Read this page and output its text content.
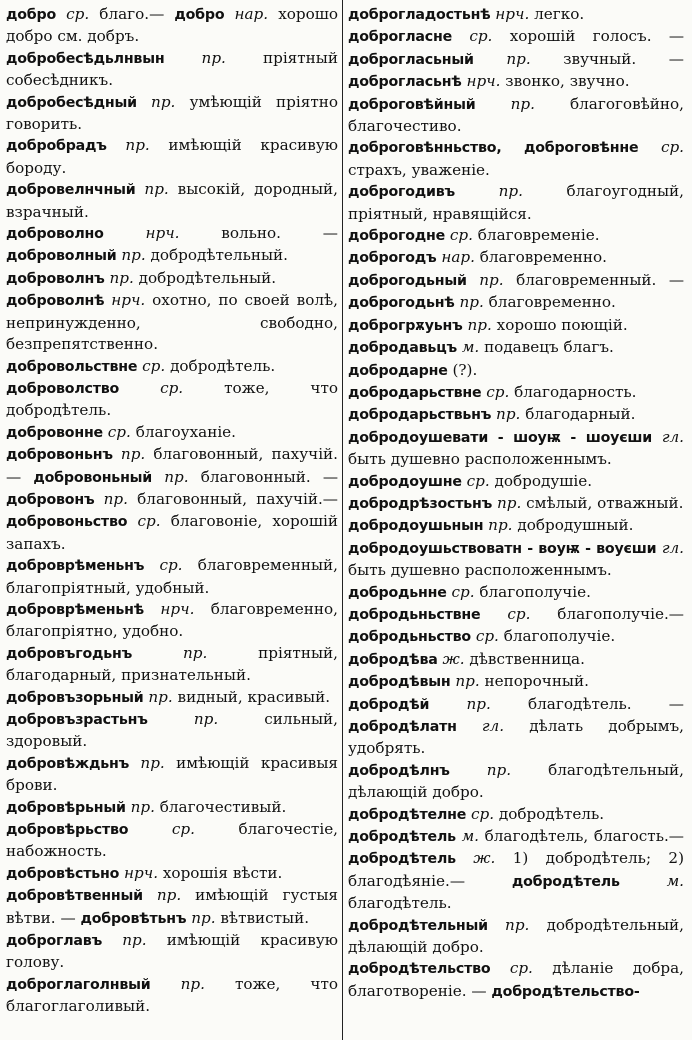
добро ср. благо.— добро нар. хорошо добро см. добръ.

добробесѣдьлнвын пр. пріятный собесѣдникъ.

добробесѣдный пр. умѣющій пріятно говорить.

добробрадъ пр. имѣющій красивую бороду.

добровелнчный пр. высокій, дородный, взрачный.

доброволно	нрч.	вольно. — доброволный пр. добродѣтельный.

доброволнъ пр. добродѣтельный.

доброволнѣ нрч. охотно, по своей волѣ, непринужденно, свободно, безпрепятственно.

добровольствне ср. добродѣтель.

доброволство	ср.	тоже, что добродѣтель.

добровонне ср. благоуханіе.

добровоньнъ пр. благовонный, пахучій. — добровоньный пр. благовонный. — добровонъ пр. благовонный, пахучій.— добровоньство ср. благовоніе, хорошій запахъ.

доброврѣменьнъ ср. благовременный, благопріятный, удобный.

доброврѣменьнѣ нрч. благовременно, благопріятно, удобно.

добровъгодьнъ	пр.	пріятный, благодарный, признательный.

добровъзорьный пр. видный, красивый.

добровъзрастьнъ	пр.	сильный, здоровый.

добровѣждьнъ пр. имѣющій красивыя брови.

добровѣрьный пр. благочестивый.

добровѣрьство	ср.	благочестіе, набожность.

добровѣстьно нрч. хорошія вѣсти.

добровѣтвенный пр. имѣющій густыя вѣтви. — добровѣтьнъ пр. вѣтвистый.

доброглавъ пр. имѣющій красивую голову.

доброглаголнвый пр. тоже, что благоглаголивый.

доброгладостьнѣ нрч. легко.

доброгласне ср. хорошій голосъ. — доброгласьный пр. звучный. — доброгласьнѣ нрч. звонко, звучно.

доброговѣйный пр. благоговѣйно, благочестиво.

доброговѣнньство, доброговѣнне ср. страхъ, уваженіе.

доброгодивъ	пр.	благоугодный, пріятный, нравящійся.

доброгодне ср. благовременіе.

доброгодъ нар. благовременно.

доброгодьный пр. благовременный. — доброгодьнѣ пр. благовременно.

доброгрѫуьнъ пр. хорошо поющій.

добродавьцъ м. подавецъ благъ.

добродарне (?).

добродарьствне ср. благодарность.

добродарьствьнъ пр. благодарный.

добродоушевати - шоуѭ - шоуєши гл. быть душевно расположеннымъ.

добродоушне ср. добродушіе.

добродрѣзостьнъ пр. смѣлый, отважный.

добродоушьнын пр. добродушный.

добродоушьствоватн - воуѭ - воуєши гл. быть душевно расположеннымъ.

добродьнне ср. благополучіе.

добродьньствне ср. благополучіе.— добродьньство ср. благополучіе.

добродѣва ж. дѣвственница.

добродѣвын пр. непорочный.

добродѣй пр. благодѣтель. — добродѣлатн гл. дѣлать добрымъ, удобрять.

добродѣлнъ пр. благодѣтельный, дѣлающій добро.

добродѣтелне ср. добродѣтель.

добродѣтель м. благодѣтель, благость.— добродѣтель ж. 1) добродѣтель; 2) благодѣяніе.—	добродѣтель	м. благодѣтель.

добродѣтельный пр. добродѣтельный, дѣлающій добро.

добродѣтельство ср. дѣланіе добра, благотвореніе. — добродѣтельство-
